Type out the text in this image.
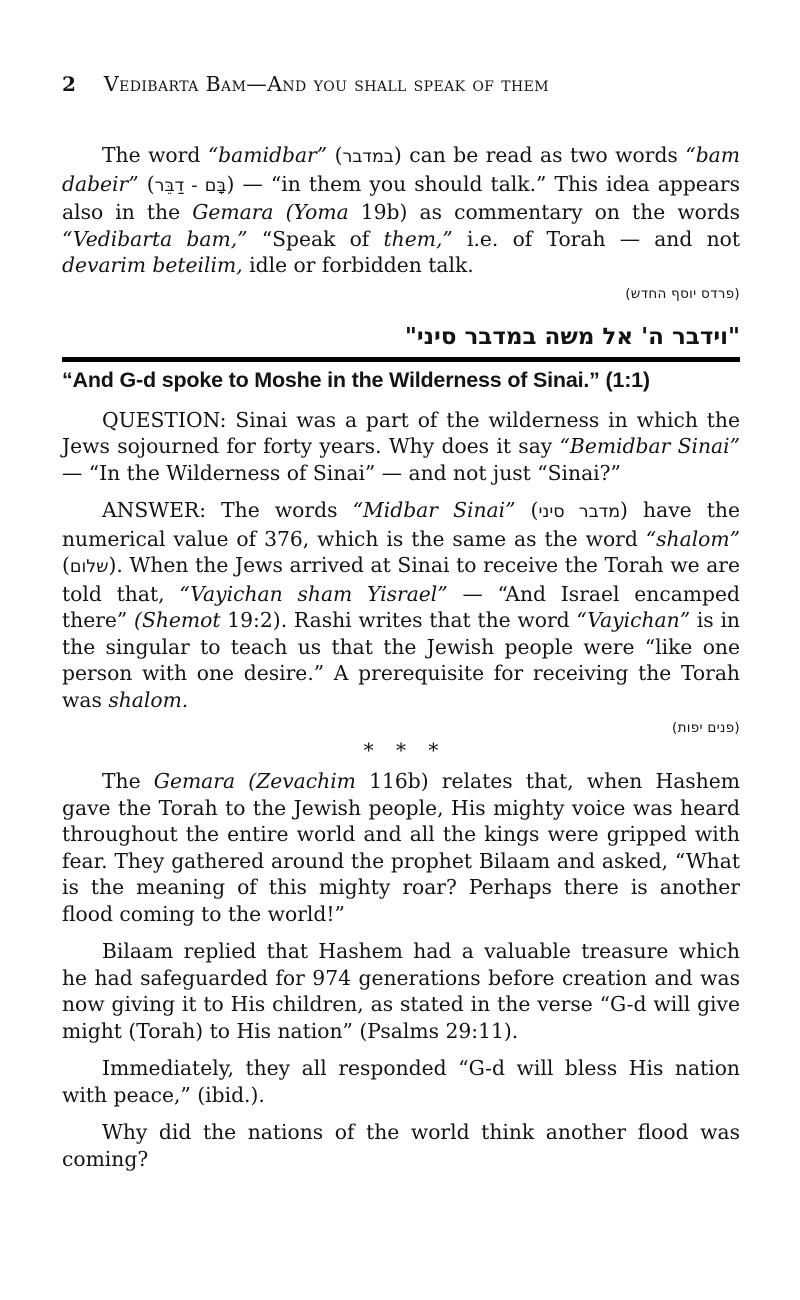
2 Vedibarta Bam—And you shall speak of them

The word “bamidbar” (במדבר) can be read as two words “bam dabeir” (בָּם - דַבֵּר) — “in them you should talk.” This idea appears also in the Gemara (Yoma 19b) as commentary on the words “Vedibarta bam,” “Speak of them,” i.e. of Torah — and not devarim beteilim, idle or forbidden talk.

(פרדס יוסף החדש)
"וידבר ה' אל משה במדבר סיני"
“And G-d spoke to Moshe in the Wilderness of Sinai.” (1:1)

QUESTION: Sinai was a part of the wilderness in which the Jews sojourned for forty years. Why does it say “Bemidbar Sinai” — “In the Wilderness of Sinai” — and not just “Sinai?”

ANSWER: The words “Midbar Sinai” (מדבר סיני) have the numerical value of 376, which is the same as the word “shalom” (שלום). When the Jews arrived at Sinai to receive the Torah we are told that, “Vayichan sham Yisrael” — “And Israel encamped there” (Shemot 19:2). Rashi writes that the word “Vayichan” is in the singular to teach us that the Jewish people were “like one person with one desire.” A prerequisite for receiving the Torah was shalom.

(פנים יפות)
* * *

The Gemara (Zevachim 116b) relates that, when Hashem gave the Torah to the Jewish people, His mighty voice was heard throughout the entire world and all the kings were gripped with fear. They gathered around the prophet Bilaam and asked, “What is the meaning of this mighty roar? Perhaps there is another flood coming to the world!”

Bilaam replied that Hashem had a valuable treasure which he had safeguarded for 974 generations before creation and was now giving it to His children, as stated in the verse “G-d will give might (Torah) to His nation” (Psalms 29:11).

Immediately, they all responded “G-d will bless His nation with peace,” (ibid.).

Why did the nations of the world think another flood was coming?
